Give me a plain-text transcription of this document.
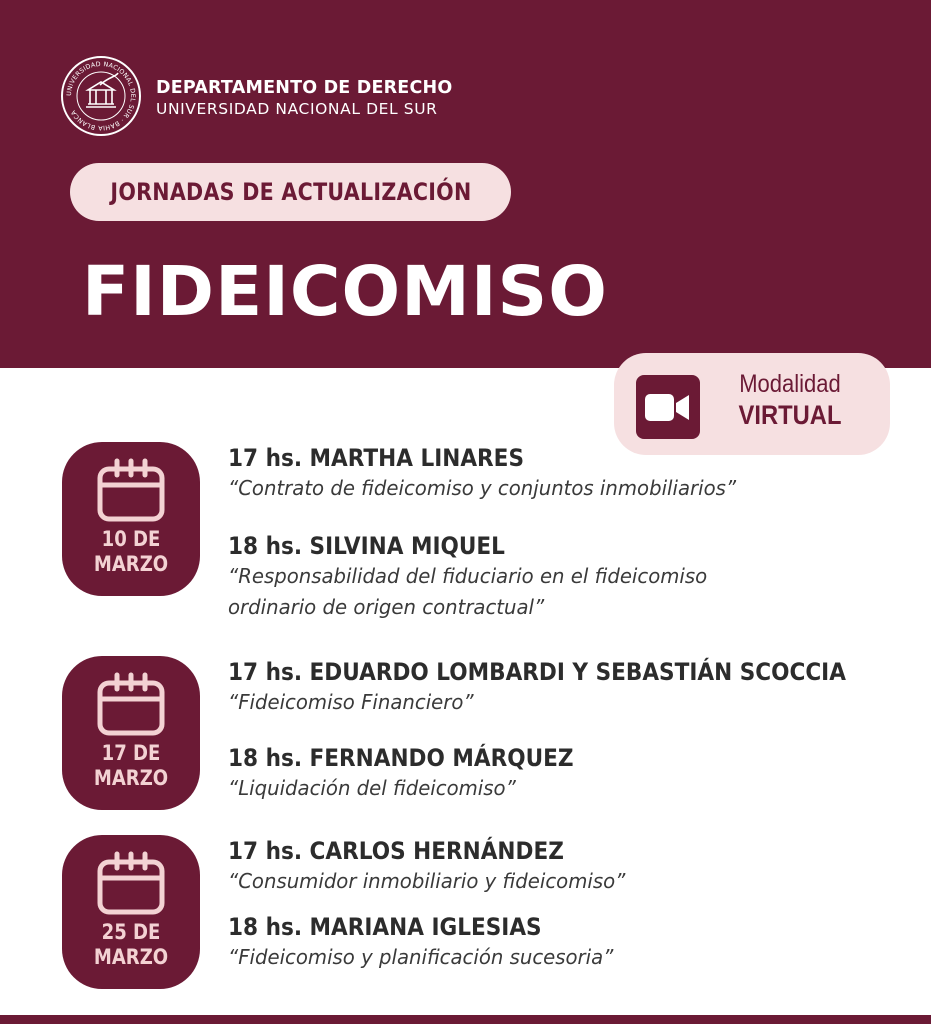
UNIVERSIDAD NACIONAL DEL SUR · BAHIA BLANCA
DEPARTAMENTO DE DERECHO
UNIVERSIDAD NACIONAL DEL SUR
JORNADAS DE ACTUALIZACIÓN
FIDEICOMISO
Modalidad
VIRTUAL
10 DE
MARZO
17 hs. MARTHA LINARES
“Contrato de fideicomiso y conjuntos inmobiliarios”
18 hs. SILVINA MIQUEL
“Responsabilidad del fiduciario en el fideicomiso
ordinario de origen contractual”
17 DE
MARZO
17 hs. EDUARDO LOMBARDI Y SEBASTIÁN SCOCCIA
“Fideicomiso Financiero”
18 hs. FERNANDO MÁRQUEZ
“Liquidación del fideicomiso”
25 DE
MARZO
17 hs. CARLOS HERNÁNDEZ
“Consumidor inmobiliario y fideicomiso”
18 hs. MARIANA IGLESIAS
“Fideicomiso y planificación sucesoria”
